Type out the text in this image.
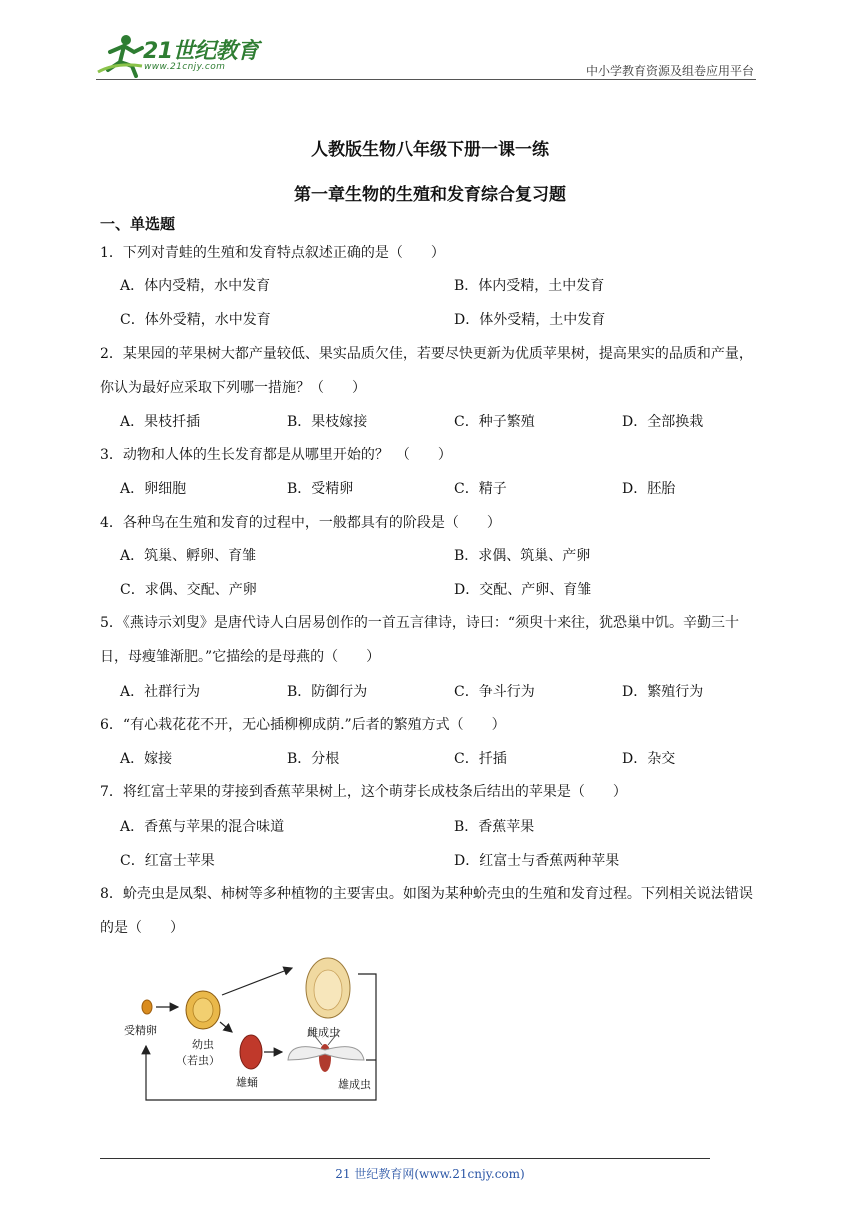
21世纪教育
www.21cnjy.com	中小学教育资源及组卷应用平台
人教版生物八年级下册一课一练
第一章生物的生殖和发育综合复习题
一、单选题
1．下列对青蛙的生殖和发育特点叙述正确的是（　　）
A．体内受精，水中发育	B．体内受精，土中发育
C．体外受精，水中发育	D．体外受精，土中发育
2．某果园的苹果树大都产量较低、果实品质欠佳，若要尽快更新为优质苹果树，提高果实的品质和产量，你认为最好应采取下列哪一措施？（　　）
A．果枝扦插	B．果枝嫁接	C．种子繁殖	D．全部换栽
3．动物和人体的生长发育都是从哪里开始的？　（　　）
A．卵细胞	B．受精卵	C．精子	D．胚胎
4．各种鸟在生殖和发育的过程中，一般都具有的阶段是（　　）
A．筑巢、孵卵、育雏	B．求偶、筑巢、产卵
C．求偶、交配、产卵	D．交配、产卵、育雏
5．《燕诗示刘叟》是唐代诗人白居易创作的一首五言律诗，诗曰：“须臾十来往，犹恐巢中饥。辛勤三十日，母瘦雏渐肥。”它描绘的是母燕的（　　）
A．社群行为	B．防御行为	C．争斗行为	D．繁殖行为
6．“有心栽花花不开，无心插柳柳成荫.”后者的繁殖方式（　　）
A．嫁接	B．分根	C．扦插	D．杂交
7．将红富士苹果的芽接到香蕉苹果树上，这个萌芽长成枝条后结出的苹果是（　　）
A．香蕉与苹果的混合味道	B．香蕉苹果
C．红富士苹果	D．红富士与香蕉两种苹果
8．蚧壳虫是凤梨、柿树等多种植物的主要害虫。如图为某种蚧壳虫的生殖和发育过程。下列相关说法错误的是（　　）
受精卵
幼虫
（若虫）
雌成虫
雄蛹	雄成虫
21 世纪教育网(www.21cnjy.com)
